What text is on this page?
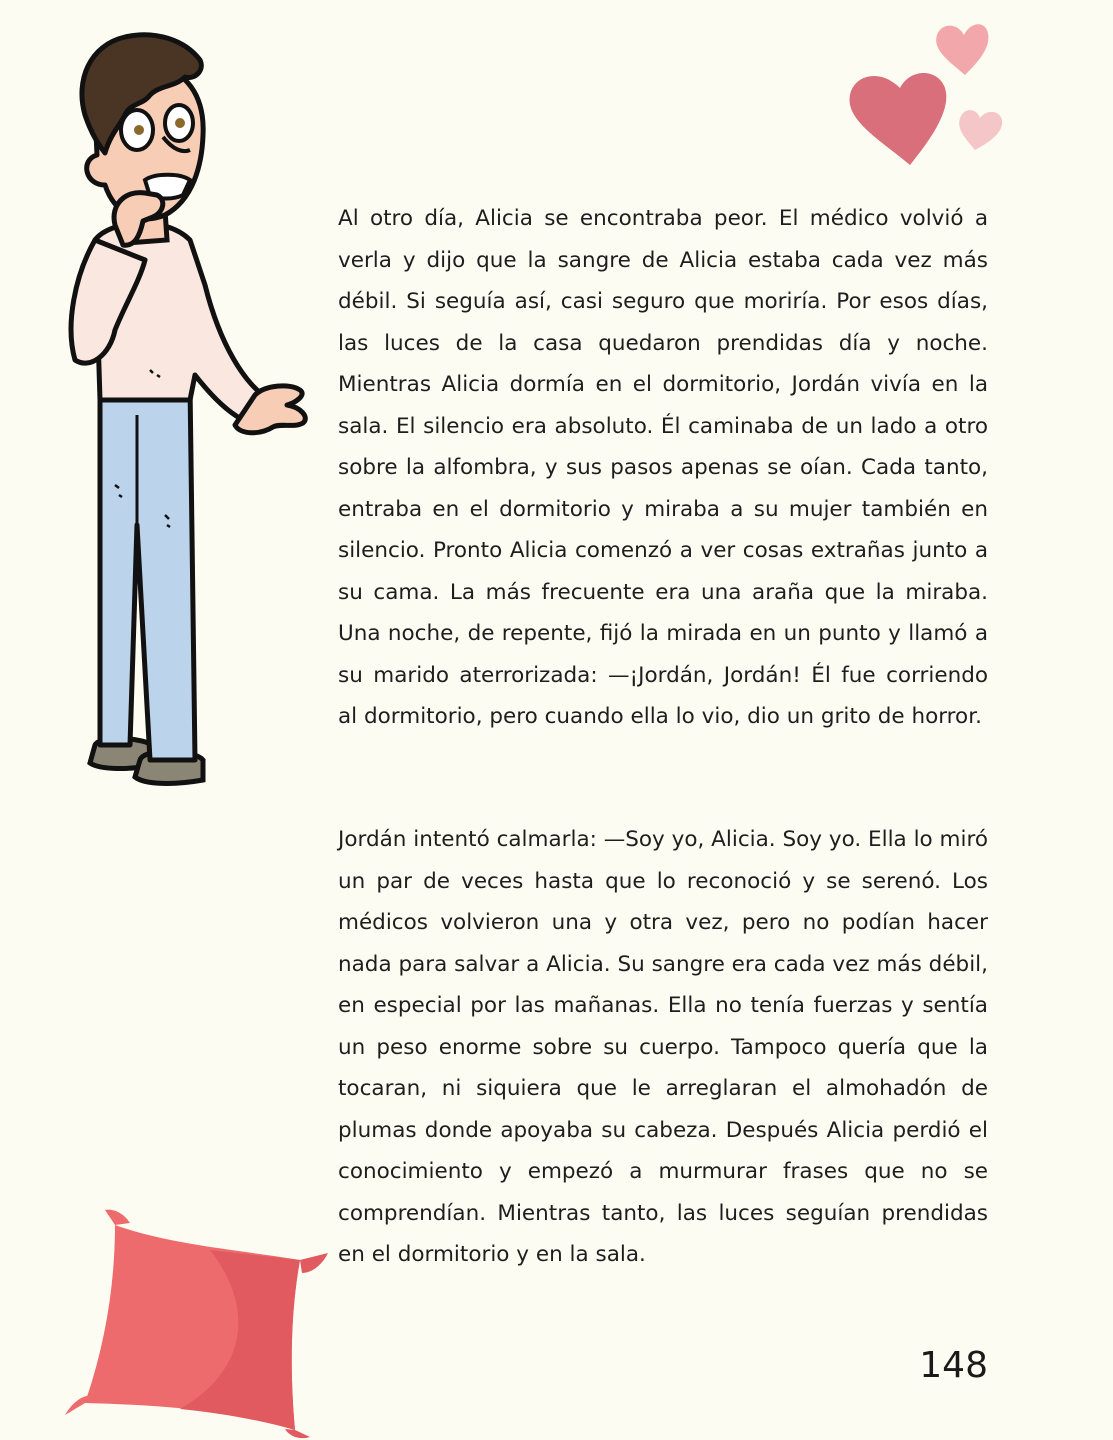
Al otro día, Alicia se encontraba peor. El médico volvió a verla y dijo que la sangre de Alicia estaba cada vez más débil. Si seguía así, casi seguro que moriría. Por esos días, las luces de la casa quedaron prendidas día y noche. Mientras Alicia dormía en el dormitorio, Jordán vivía en la sala. El silencio era absoluto. Él caminaba de un lado a otro sobre la alfombra, y sus pasos apenas se oían. Cada tanto, entraba en el dormitorio y miraba a su mujer también en silencio. Pronto Alicia comenzó a ver cosas extrañas junto a su cama. La más frecuente era una araña que la miraba. Una noche, de repente, fijó la mirada en un punto y llamó a su marido aterrorizada: —¡Jordán, Jordán! Él fue corriendo al dormitorio, pero cuando ella lo vio, dio un grito de horror.

Jordán intentó calmarla: —Soy yo, Alicia. Soy yo. Ella lo miró un par de veces hasta que lo reconoció y se serenó. Los médicos volvieron una y otra vez, pero no podían hacer nada para salvar a Alicia. Su sangre era cada vez más débil, en especial por las mañanas. Ella no tenía fuerzas y sentía un peso enorme sobre su cuerpo. Tampoco quería que la tocaran, ni siquiera que le arreglaran el almohadón de plumas donde apoyaba su cabeza. Después Alicia perdió el conocimiento y empezó a murmurar frases que no se comprendían. Mientras tanto, las luces seguían prendidas en el dormitorio y en la sala.

148
